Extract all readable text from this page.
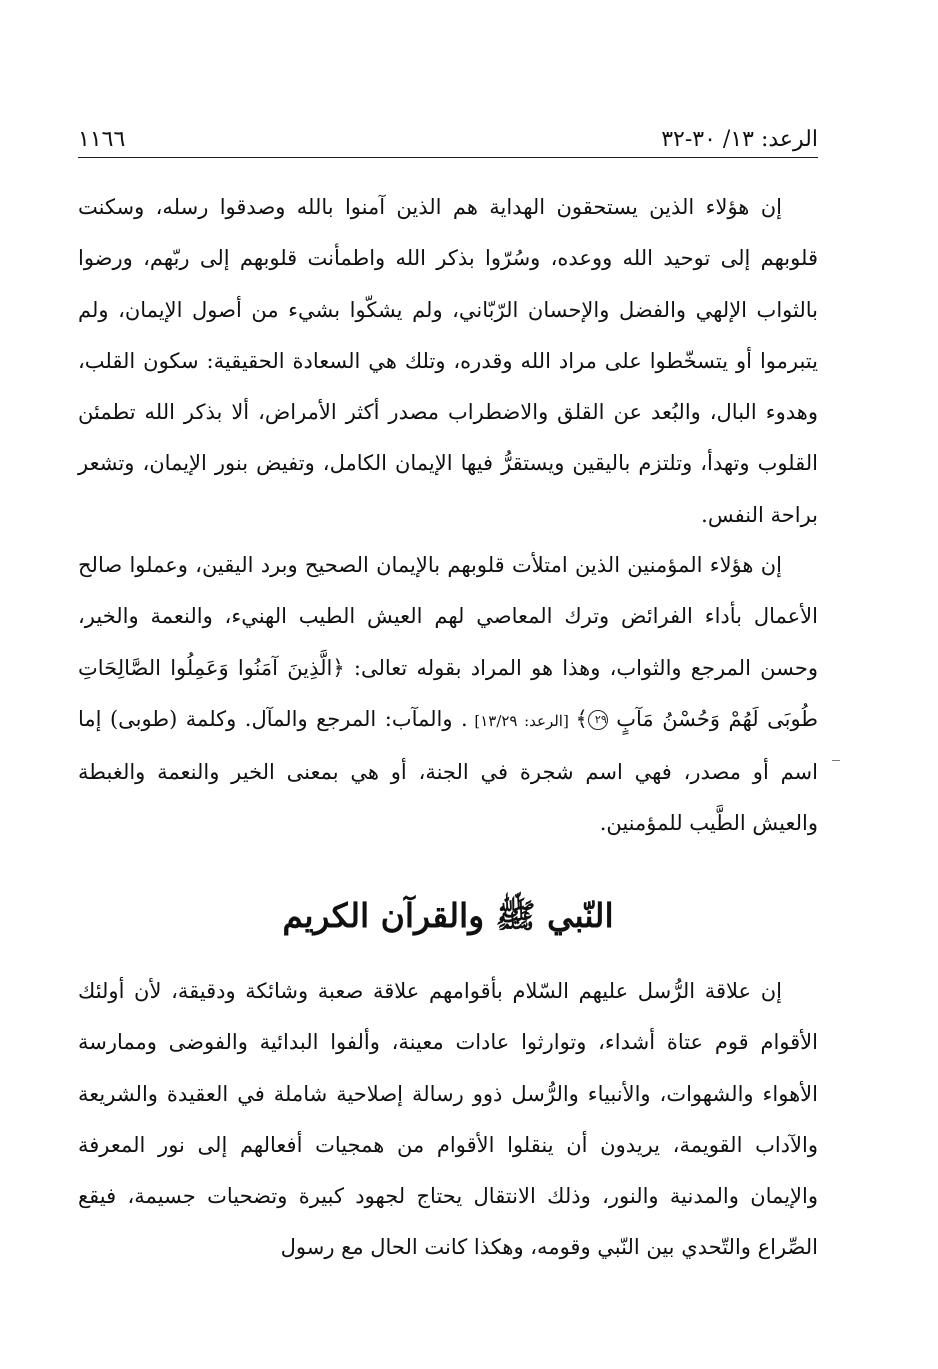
الرعد: ١٣/ ٣٠-٣٢
١١٦٦

إن هؤلاء الذين يستحقون الهداية هم الذين آمنوا بالله وصدقوا رسله، وسكنت قلوبهم إلى توحيد الله ووعده، وسُرّوا بذكر الله واطمأنت قلوبهم إلى ربّهم، ورضوا بالثواب الإلهي والفضل والإحسان الرّبّاني، ولم يشكّوا بشيء من أصول الإيمان، ولم يتبرموا أو يتسخّطوا على مراد الله وقدره، وتلك هي السعادة الحقيقية: سكون القلب، وهدوء البال، والبُعد عن القلق والاضطراب مصدر أكثر الأمراض، ألا بذكر الله تطمئن القلوب وتهدأ، وتلتزم باليقين ويستقرُّ فيها الإيمان الكامل، وتفيض بنور الإيمان، وتشعر براحة النفس.

إن هؤلاء المؤمنين الذين امتلأت قلوبهم بالإيمان الصحيح وبرد اليقين، وعملوا صالح الأعمال بأداء الفرائض وترك المعاصي لهم العيش الطيب الهنيء، والنعمة والخير، وحسن المرجع والثواب، وهذا هو المراد بقوله تعالى: ﴿الَّذِينَ آمَنُوا وَعَمِلُوا الصَّالِحَاتِ طُوبَى لَهُمْ وَحُسْنُ مَآبٍ ٢٩﴾ [الرعد: ١٣/٢٩] . والمآب: المرجع والمآل. وكلمة (طوبى) إما اسم أو مصدر، فهي اسم شجرة في الجنة، أو هي بمعنى الخير والنعمة والغبطة والعيش الطَّيب للمؤمنين.

النّبي ﷺ والقرآن الكريم

إن علاقة الرُّسل عليهم السّلام بأقوامهم علاقة صعبة وشائكة ودقيقة، لأن أولئك الأقوام قوم عتاة أشداء، وتوارثوا عادات معينة، وألفوا البدائية والفوضى وممارسة الأهواء والشهوات، والأنبياء والرُّسل ذوو رسالة إصلاحية شاملة في العقيدة والشريعة والآداب القويمة، يريدون أن ينقلوا الأقوام من همجيات أفعالهم إلى نور المعرفة والإيمان والمدنية والنور، وذلك الانتقال يحتاج لجهود كبيرة وتضحيات جسيمة، فيقع الصِّراع والتّحدي بين النّبي وقومه، وهكذا كانت الحال مع رسول
